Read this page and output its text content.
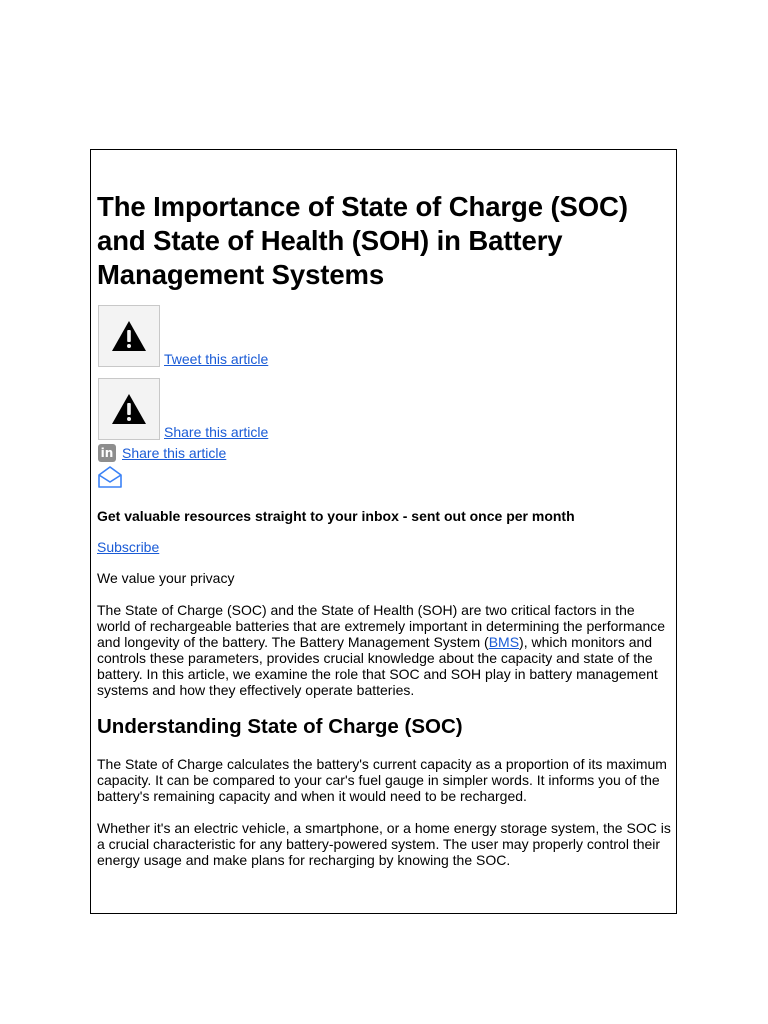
The Importance of State of Charge (SOC) and State of Health (SOH) in Battery Management Systems
Tweet this article
Share this article
in Share this article

Get valuable resources straight to your inbox - sent out once per month

Subscribe

We value your privacy

The State of Charge (SOC) and the State of Health (SOH) are two critical factors in the world of rechargeable batteries that are extremely important in determining the performance and longevity of the battery. The Battery Management System (BMS), which monitors and controls these parameters, provides crucial knowledge about the capacity and state of the battery. In this article, we examine the role that SOC and SOH play in battery management systems and how they effectively operate batteries.

Understanding State of Charge (SOC)

The State of Charge calculates the battery's current capacity as a proportion of its maximum capacity. It can be compared to your car's fuel gauge in simpler words. It informs you of the battery's remaining capacity and when it would need to be recharged.

Whether it's an electric vehicle, a smartphone, or a home energy storage system, the SOC is a crucial characteristic for any battery-powered system. The user may properly control their energy usage and make plans for recharging by knowing the SOC.
